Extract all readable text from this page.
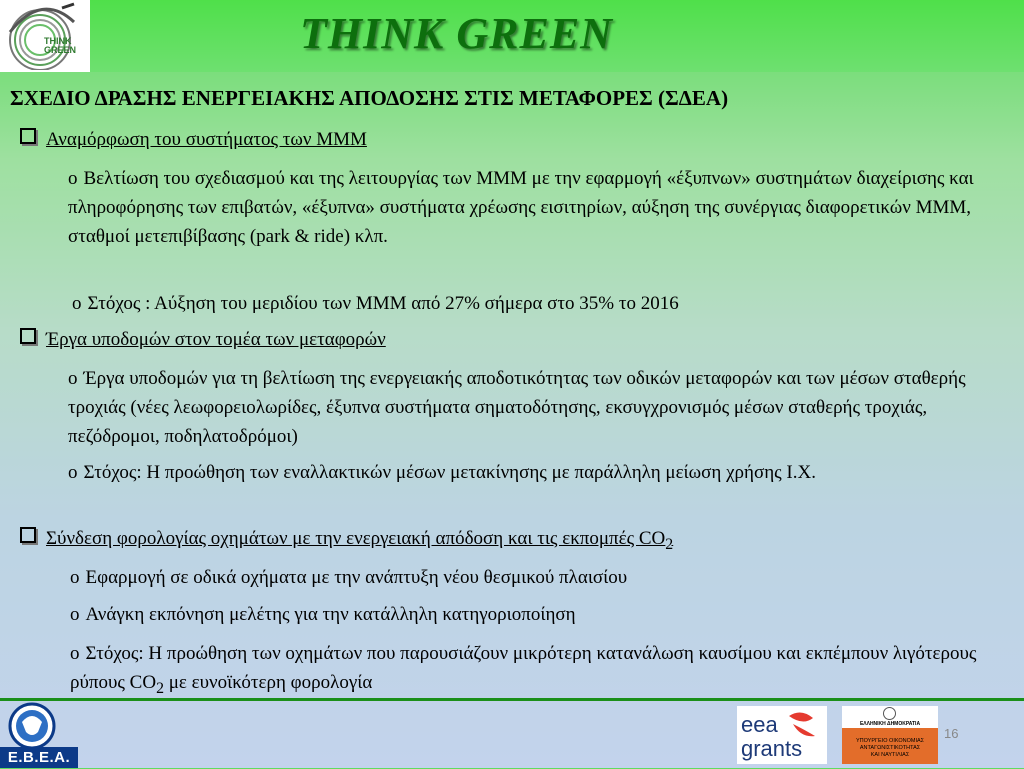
THINK
GREEN	THINK GREEN
ΣΧΕΔΙΟ ΔΡΑΣΗΣ ΕΝΕΡΓΕΙΑΚΗΣ ΑΠΟΔΟΣΗΣ ΣΤΙΣ ΜΕΤΑΦΟΡΕΣ (ΣΔΕΑ)
Αναμόρφωση του συστήματος των ΜΜΜ
o Βελτίωση του σχεδιασμού και της λειτουργίας των ΜΜΜ με την εφαρμογή «έξυπνων» συστημάτων διαχείρισης και πληροφόρησης των επιβατών, «έξυπνα» συστήματα χρέωσης εισιτηρίων, αύξηση της συνέργιας διαφορετικών ΜΜΜ, σταθμοί μετεπιβίβασης (park & ride) κλπ.
o Στόχος : Αύξηση του μεριδίου των ΜΜΜ από 27% σήμερα στο 35% το 2016
Έργα υποδομών στον τομέα των μεταφορών
o Έργα υποδομών για τη βελτίωση της ενεργειακής αποδοτικότητας των οδικών μεταφορών και των μέσων σταθερής τροχιάς (νέες λεωφορειολωρίδες, έξυπνα συστήματα σηματοδότησης, εκσυγχρονισμός μέσων σταθερής τροχιάς, πεζόδρομοι, ποδηλατοδρόμοι)
o Στόχος: Η προώθηση των εναλλακτικών μέσων μετακίνησης με παράλληλη μείωση χρήσης Ι.Χ.
Σύνδεση φορολογίας οχημάτων με την ενεργειακή απόδοση και τις εκπομπές $CO_2$
o Εφαρμογή σε οδικά οχήματα με την ανάπτυξη νέου θεσμικού πλαισίου
o Ανάγκη εκπόνηση μελέτης για την κατάλληλη κατηγοριοποίηση
o Στόχος: Η προώθηση των οχημάτων που παρουσιάζουν μικρότερη κατανάλωση καυσίμου και εκπέμπουν λιγότερους ρύπους $CO_2$ με ευνοϊκότερη φορολογία
E.B.E.A.
eea
grants
ΕΛΛΗΝΙΚΗ ΔΗΜΟΚΡΑΤΙΑ
ΥΠΟΥΡΓΕΙΟ ΟΙΚΟΝΟΜΙΑΣ
ΑΝΤΑΓΩΝΙΣΤΙΚΟΤΗΤΑΣ
ΚΑΙ ΝΑΥΤΙΛΙΑΣ
16
